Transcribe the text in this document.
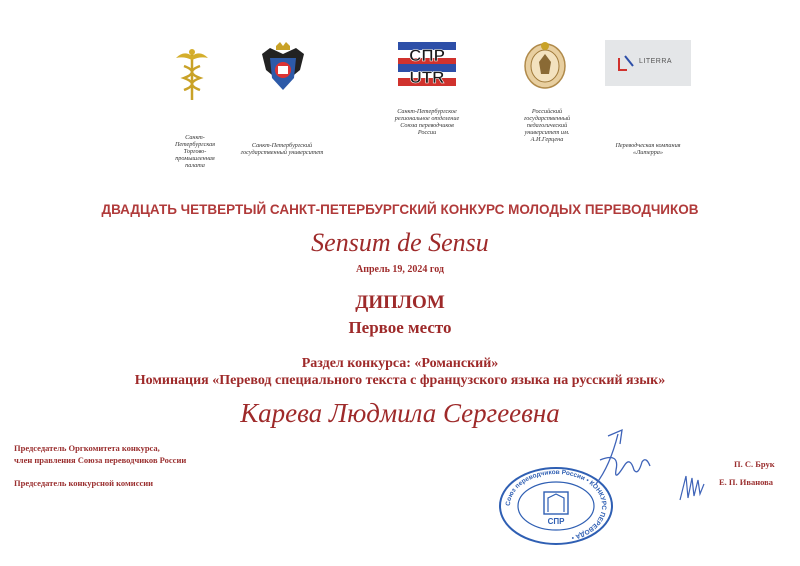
Санкт-Петербургская Торгово-промышленная палата
Санкт-Петербургский государственный университет
СПР
UTR
Санкт-Петербургское региональное отделение Союза переводчиков России
Российский государственный педагогический университет им. А.И.Герцена
LITERRA
Переводческая компания «Литерра»
ДВАДЦАТЬ ЧЕТВЕРТЫЙ САНКТ-ПЕТЕРБУРГСКИЙ КОНКУРС МОЛОДЫХ ПЕРЕВОДЧИКОВ
Sensum de Sensu
Апрель 19, 2024 год
ДИПЛОМ
Первое место
Раздел конкурса: «Романский»
Номинация «Перевод специального текста с французского языка на русский язык»
Карева Людмила Сергеевна
Председатель Оргкомитета конкурса,
член правления Союза переводчиков России
Председатель конкурсной комиссии
П. С. Брук
Е. П. Иванова
Союз переводчиков России • КОНКУРС ПЕРЕВОДА •
СПР
